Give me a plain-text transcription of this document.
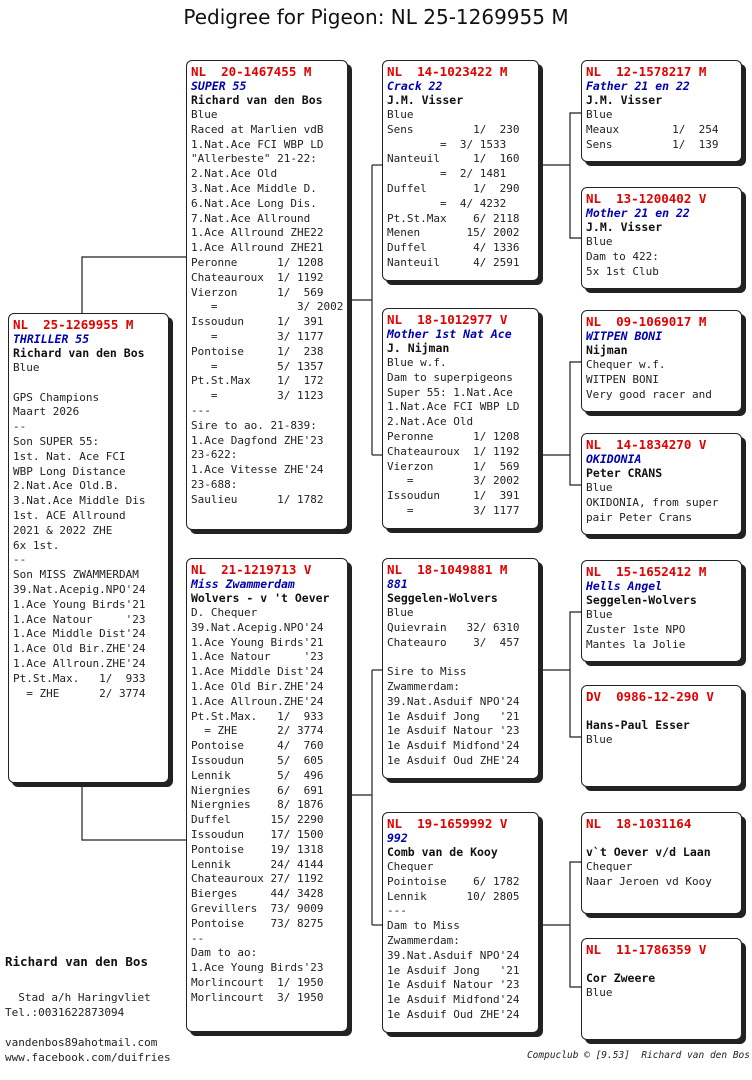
Pedigree for Pigeon: NL 25-1269955 M
NL  25-1269955 M
THRILLER 55
Richard van den Bos
Blue

GPS Champions
Maart 2026
--
Son SUPER 55:
1st. Nat. Ace FCI
WBP Long Distance
2.Nat.Ace Old.B.
3.Nat.Ace Middle Dis
1st. ACE Allround
2021 & 2022 ZHE
6x 1st.
--
Son MISS ZWAMMERDAM
39.Nat.Acepig.NPO'24
1.Ace Young Birds'21
1.Ace Natour     '23
1.Ace Middle Dist'24
1.Ace Old Bir.ZHE'24
1.Ace Allroun.ZHE'24
Pt.St.Max.   1/  933
= ZHE      2/ 3774
NL  20-1467455 M
SUPER 55
Richard van den Bos
Blue
Raced at Marlien vdB
1.Nat.Ace FCI WBP LD
"Allerbeste" 21-22:
2.Nat.Ace Old
3.Nat.Ace Middle D.
6.Nat.Ace Long Dis.
7.Nat.Ace Allround
1.Ace Allround ZHE22
1.Ace Allround ZHE21
Peronne      1/ 1208
Chateauroux  1/ 1192
Vierzon      1/  569
=            3/ 2002
Issoudun     1/  391
=         3/ 1177
Pontoise     1/  238
=         5/ 1357
Pt.St.Max    1/  172
=         3/ 1123
---
Sire to ao. 21-839:
1.Ace Dagfond ZHE'23
23-622:
1.Ace Vitesse ZHE'24
23-688:
Saulieu      1/ 1782
NL  21-1219713 V
Miss Zwammerdam
Wolvers - v 't Oever
D. Chequer
39.Nat.Acepig.NPO'24
1.Ace Young Birds'21
1.Ace Natour     '23
1.Ace Middle Dist'24
1.Ace Old Bir.ZHE'24
1.Ace Allroun.ZHE'24
Pt.St.Max.   1/  933
= ZHE      2/ 3774
Pontoise     4/  760
Issoudun     5/  605
Lennik       5/  496
Niergnies    6/  691
Niergnies    8/ 1876
Duffel      15/ 2290
Issoudun    17/ 1500
Pontoise    19/ 1318
Lennik      24/ 4144
Chateauroux 27/ 1192
Bierges     44/ 3428
Grevillers  73/ 9009
Pontoise    73/ 8275
--
Dam to ao:
1.Ace Young Birds'23
Morlincourt  1/ 1950
Morlincourt  3/ 1950
NL  14-1023422 M
Crack 22
J.M. Visser
Blue
Sens         1/  230
=  3/ 1533
Nanteuil     1/  160
=  2/ 1481
Duffel       1/  290
=  4/ 4232
Pt.St.Max    6/ 2118
Menen       15/ 2002
Duffel       4/ 1336
Nanteuil     4/ 2591
NL  18-1012977 V
Mother 1st Nat Ace
J. Nijman
Blue w.f.
Dam to superpigeons
Super 55: 1.Nat.Ace
1.Nat.Ace FCI WBP LD
2.Nat.Ace Old
Peronne      1/ 1208
Chateauroux  1/ 1192
Vierzon      1/  569
=         3/ 2002
Issoudun     1/  391
=         3/ 1177
NL  18-1049881 M
881
Seggelen-Wolvers
Blue
Quievrain   32/ 6310
Chateauro    3/  457

Sire to Miss
Zwammerdam:
39.Nat.Asduif NPO'24
1e Asduif Jong   '21
1e Asduif Natour '23
1e Asduif Midfond'24
1e Asduif Oud ZHE'24
NL  19-1659992 V
992
Comb van de Kooy
Chequer
Pointoise    6/ 1782
Lennik      10/ 2805
---
Dam to Miss
Zwammerdam:
39.Nat.Asduif NPO'24
1e Asduif Jong   '21
1e Asduif Natour '23
1e Asduif Midfond'24
1e Asduif Oud ZHE'24
NL  12-1578217 M
Father 21 en 22
J.M. Visser
Blue
Meaux        1/  254
Sens         1/  139
NL  13-1200402 V
Mother 21 en 22
J.M. Visser
Blue
Dam to 422:
5x 1st Club
NL  09-1069017 M
WITPEN BONI
Nijman
Chequer w.f.
WITPEN BONI
Very good racer and
NL  14-1834270 V
OKIDONIA
Peter CRANS
Blue
OKIDONIA, from super
pair Peter Crans
NL  15-1652412 M
Hells Angel
Seggelen-Wolvers
Blue
Zuster 1ste NPO
Mantes la Jolie
DV  0986-12-290 V

Hans-Paul Esser
Blue
NL  18-1031164

v`t Oever v/d Laan
Chequer
Naar Jeroen vd Kooy
NL  11-1786359 V

Cor Zweere
Blue
Richard van den Bos
Stad a/h Haringvliet
Tel.:0031622873094

vandenbos89ahotmail.com
www.facebook.com/duifries	Compuclub © [9.53]  Richard van den Bos
